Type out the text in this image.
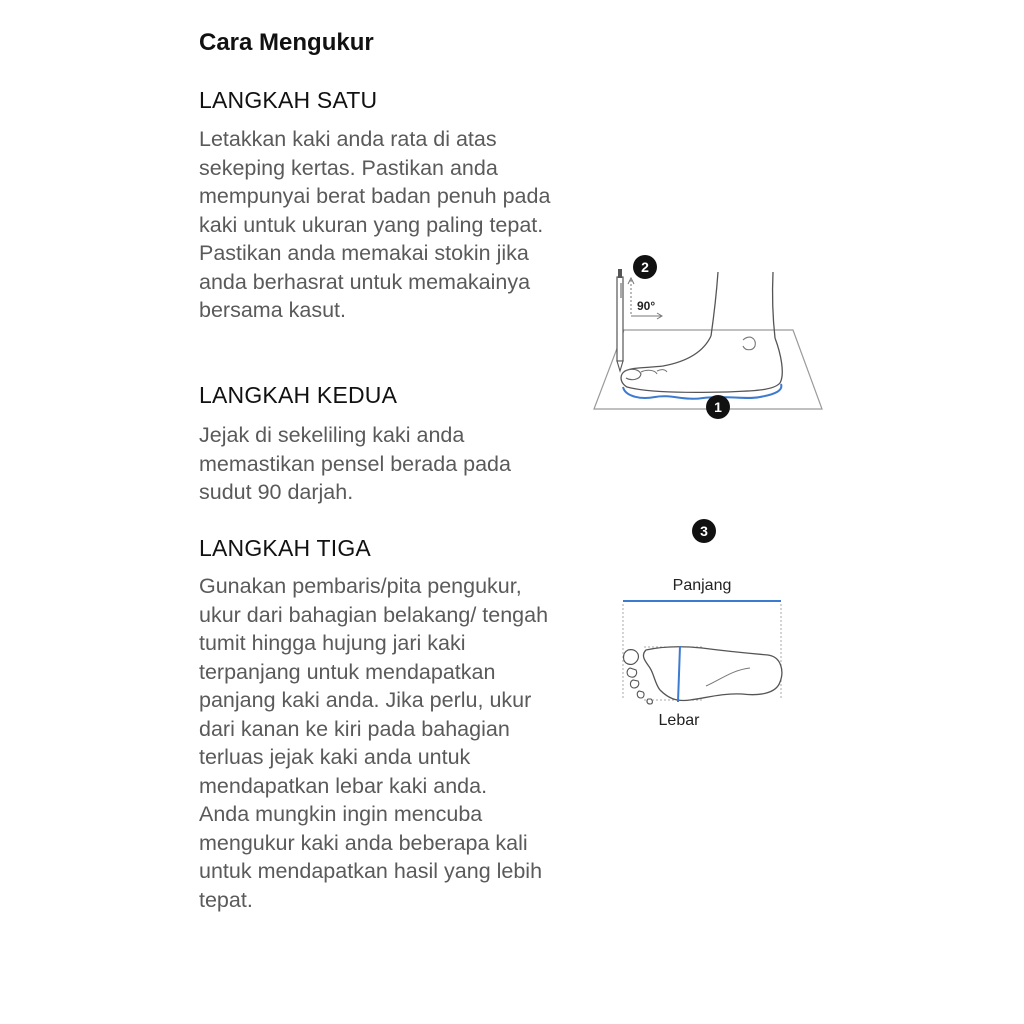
Cara Mengukur
LANGKAH SATU

Letakkan kaki anda rata di atas sekeping kertas. Pastikan anda mempunyai berat badan penuh pada kaki untuk ukuran yang paling tepat. Pastikan anda memakai stokin jika anda berhasrat untuk memakainya bersama kasut.

LANGKAH KEDUA

Jejak di sekeliling kaki anda memastikan pensel berada pada sudut 90 darjah.

LANGKAH TIGA

Gunakan pembaris/pita pengukur, ukur dari bahagian belakang/ tengah tumit hingga hujung jari kaki terpanjang untuk mendapatkan panjang kaki anda. Jika perlu, ukur dari kanan ke kiri pada bahagian terluas jejak kaki anda untuk mendapatkan lebar kaki anda.

Anda mungkin ingin mencuba mengukur kaki anda beberapa kali untuk mendapatkan hasil yang lebih tepat.

90°
2
1
3
Panjang
Lebar
